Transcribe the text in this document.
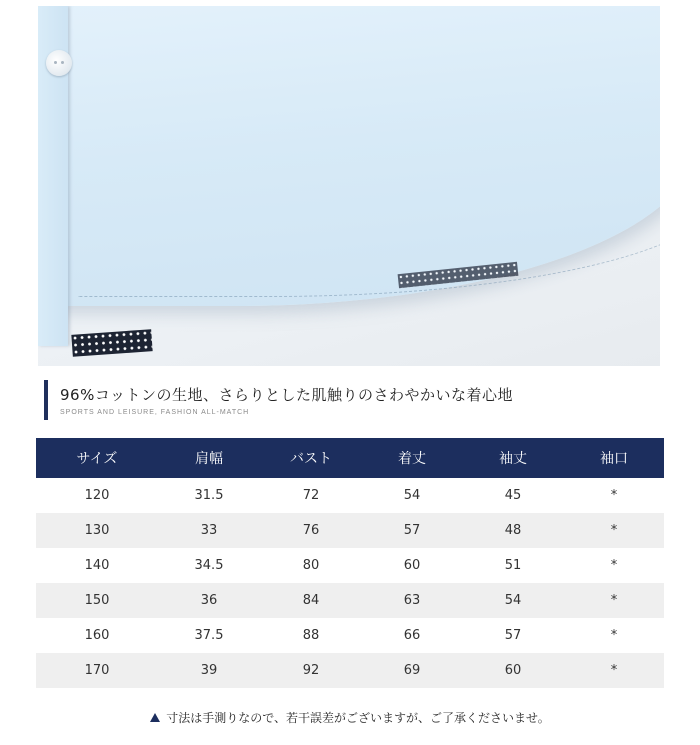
96%コットンの生地、さらりとした肌触りのさわやかいな着心地
SPORTS AND LEISURE, FASHION ALL-MATCH
サイズ	肩幅	バスト	着丈	袖丈	袖口
120	31.5	72	54	45	*
130	33	76	57	48	*
140	34.5	80	60	51	*
150	36	84	63	54	*
160	37.5	88	66	57	*
170	39	92	69	60	*
寸法は手測りなので、若干誤差がございますが、ご了承くださいませ。
